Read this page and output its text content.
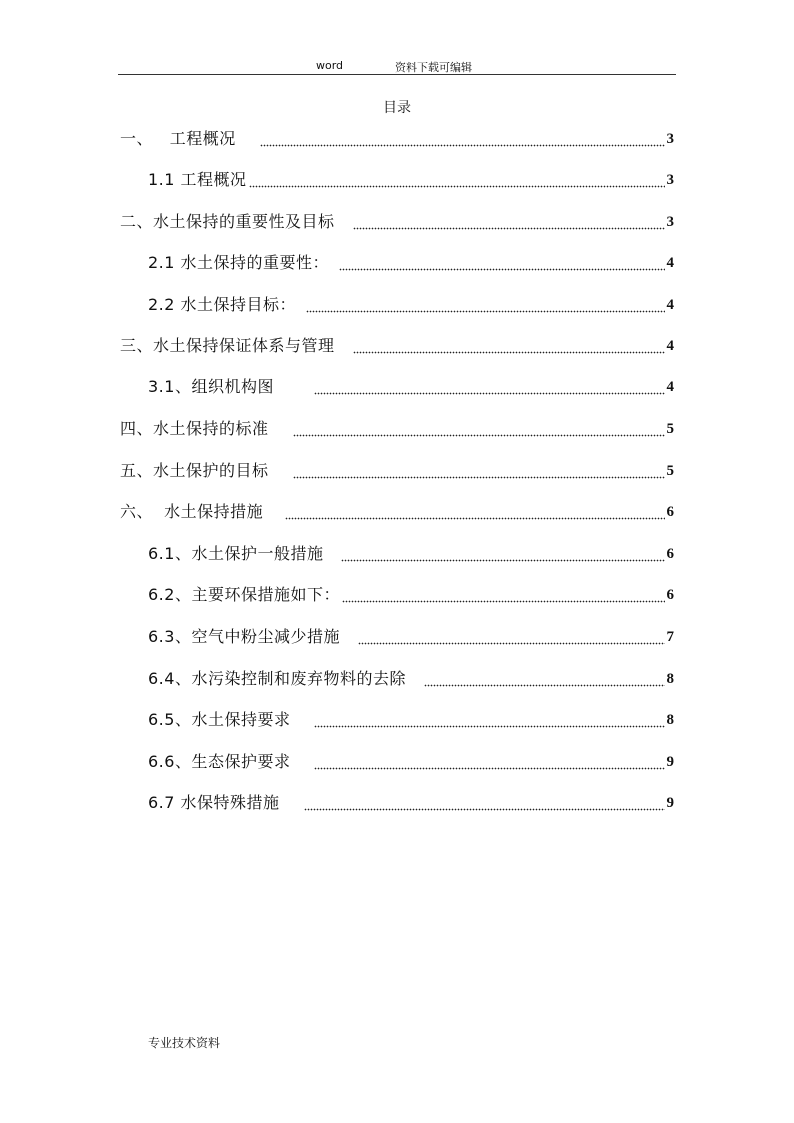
word	资料下载可编辑
目录
一、   工程概况	3
1.1 工程概况	3
二、水土保持的重要性及目标	3
2.1 水土保持的重要性：	4
2.2 水土保持目标：	4
三、水土保持保证体系与管理	4
3.1、组织机构图	4
四、水土保持的标准	5
五、水土保护的目标	5
六、  水土保持措施	6
6.1、水土保护一般措施	6
6.2、主要环保措施如下：	6
6.3、空气中粉尘减少措施	7
6.4、水污染控制和废弃物料的去除	8
6.5、水土保持要求	8
6.6、生态保护要求	9
6.7 水保特殊措施	9
专业技术资料
